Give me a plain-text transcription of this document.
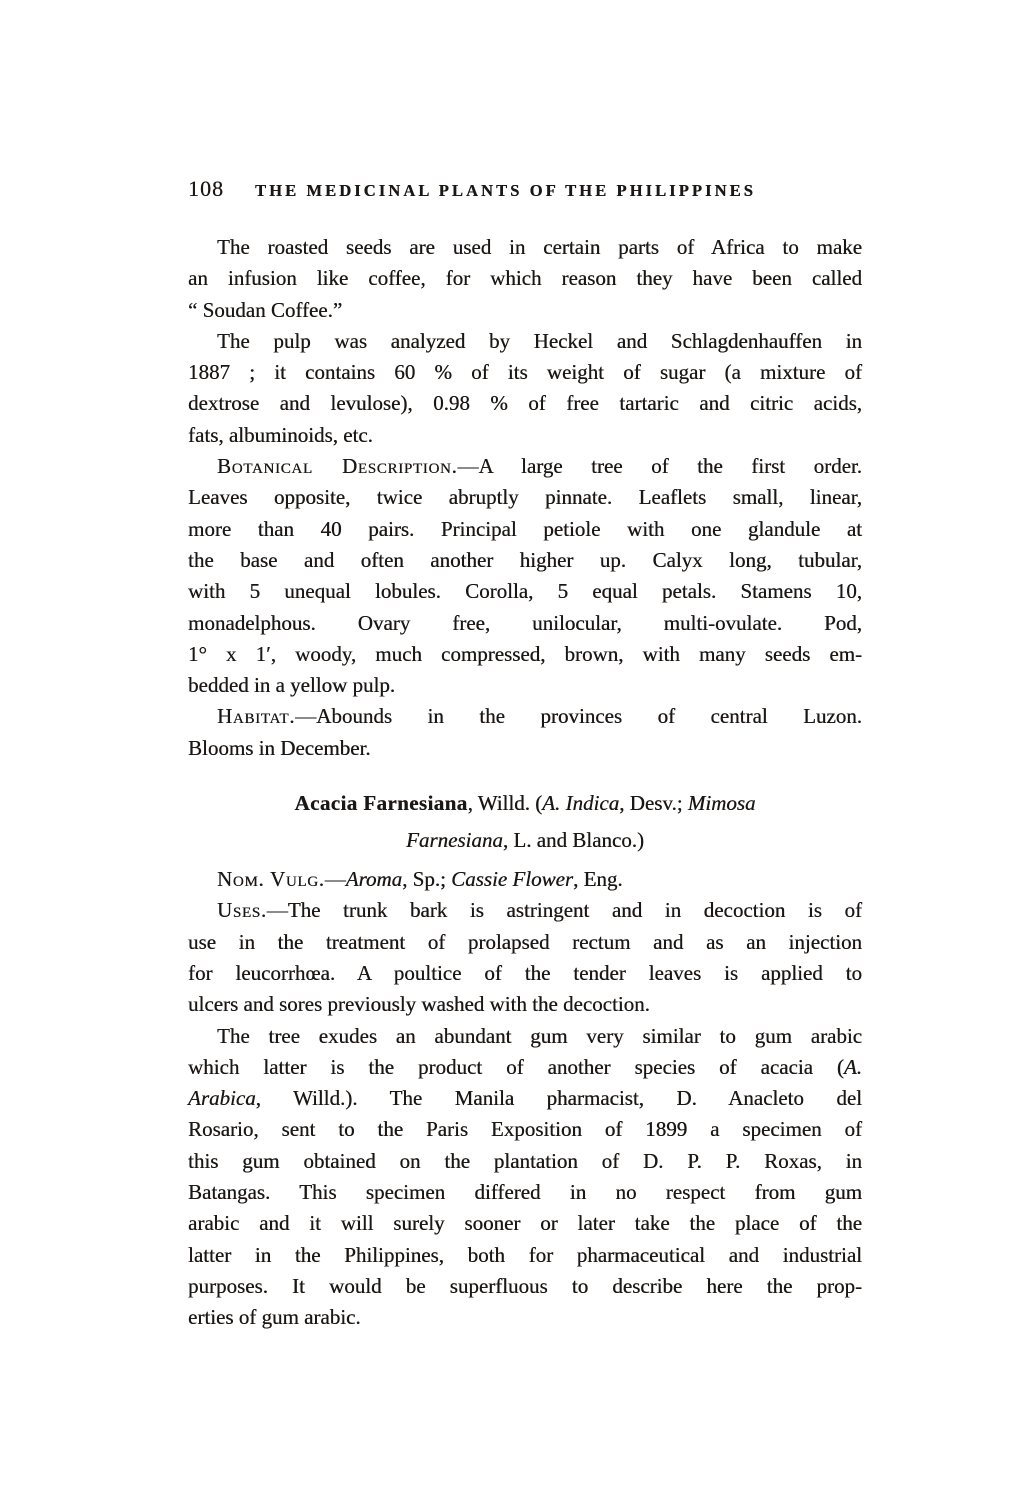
108 THE MEDICINAL PLANTS OF THE PHILIPPINES
The roasted seeds are used in certain parts of Africa to make
an infusion like coffee, for which reason they have been called
“ Soudan Coffee.”
The pulp was analyzed by Heckel and Schlagdenhauffen in
1887 ; it contains 60 % of its weight of sugar (a mixture of
dextrose and levulose), 0.98 % of free tartaric and citric acids,
fats, albuminoids, etc.
Botanical Description.—A large tree of the first order.
Leaves opposite, twice abruptly pinnate. Leaflets small, linear,
more than 40 pairs. Principal petiole with one glandule at
the base and often another higher up. Calyx long, tubular,
with 5 unequal lobules. Corolla, 5 equal petals. Stamens 10,
monadelphous. Ovary free, unilocular, multi-ovulate. Pod,
1° x 1′, woody, much compressed, brown, with many seeds em-
bedded in a yellow pulp.
Habitat.—Abounds in the provinces of central Luzon.
Blooms in December.
Acacia Farnesiana, Willd. (A. Indica, Desv.; Mimosa
Farnesiana, L. and Blanco.)
Nom. Vulg.—Aroma, Sp.; Cassie Flower, Eng.
Uses.—The trunk bark is astringent and in decoction is of
use in the treatment of prolapsed rectum and as an injection
for leucorrhœa. A poultice of the tender leaves is applied to
ulcers and sores previously washed with the decoction.
The tree exudes an abundant gum very similar to gum arabic
which latter is the product of another species of acacia (A.
Arabica, Willd.). The Manila pharmacist, D. Anacleto del
Rosario, sent to the Paris Exposition of 1899 a specimen of
this gum obtained on the plantation of D. P. P. Roxas, in
Batangas. This specimen differed in no respect from gum
arabic and it will surely sooner or later take the place of the
latter in the Philippines, both for pharmaceutical and industrial
purposes. It would be superfluous to describe here the prop-
erties of gum arabic.
